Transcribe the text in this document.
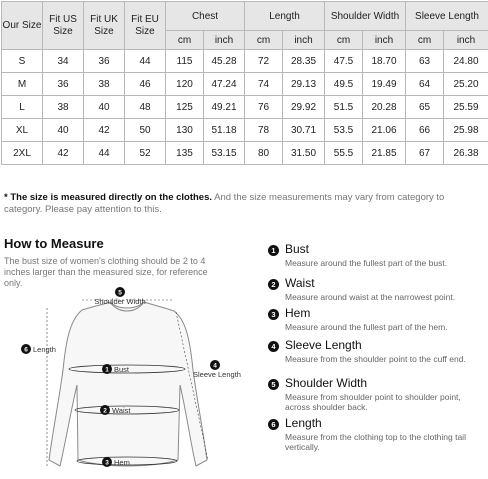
Our Size	Fit US Size	Fit UK Size	Fit EU Size	Chest		Length		Shoulder Width		Sleeve Length	
				cm	inch	cm	inch	cm	inch	cm	inch
S	34	36	44	115	45.28	72	28.35	47.5	18.70	63	24.80
M	36	38	46	120	47.24	74	29.13	49.5	19.49	64	25.20
L	38	40	48	125	49.21	76	29.92	51.5	20.28	65	25.59
XL	40	42	50	130	51.18	78	30.71	53.5	21.06	66	25.98
2XL	42	44	52	135	53.15	80	31.50	55.5	21.85	67	26.38
* The size is measured directly on the clothes. And the size measurements may vary from category to category. Please pay attention to this.
How to Measure
The bust size of women's clothing should be 2 to 4 inches larger than the measured size, for reference only.
5
Shoulder Width
6 Length
4
Sleeve Length
1 Bust
2 Waist
3 Hem
1 Bust
Measure around the fullest part of the bust.
2 Waist
Measure around waist at the narrowest point.
3 Hem
Measure around the fullest part of the hem.
4 Sleeve Length
Measure from the shoulder point to the cuff end.
5 Shoulder Width
Measure from shoulder point to shoulder point, across shoulder back.
6 Length
Measure from the clothing top to the clothing tail vertically.
